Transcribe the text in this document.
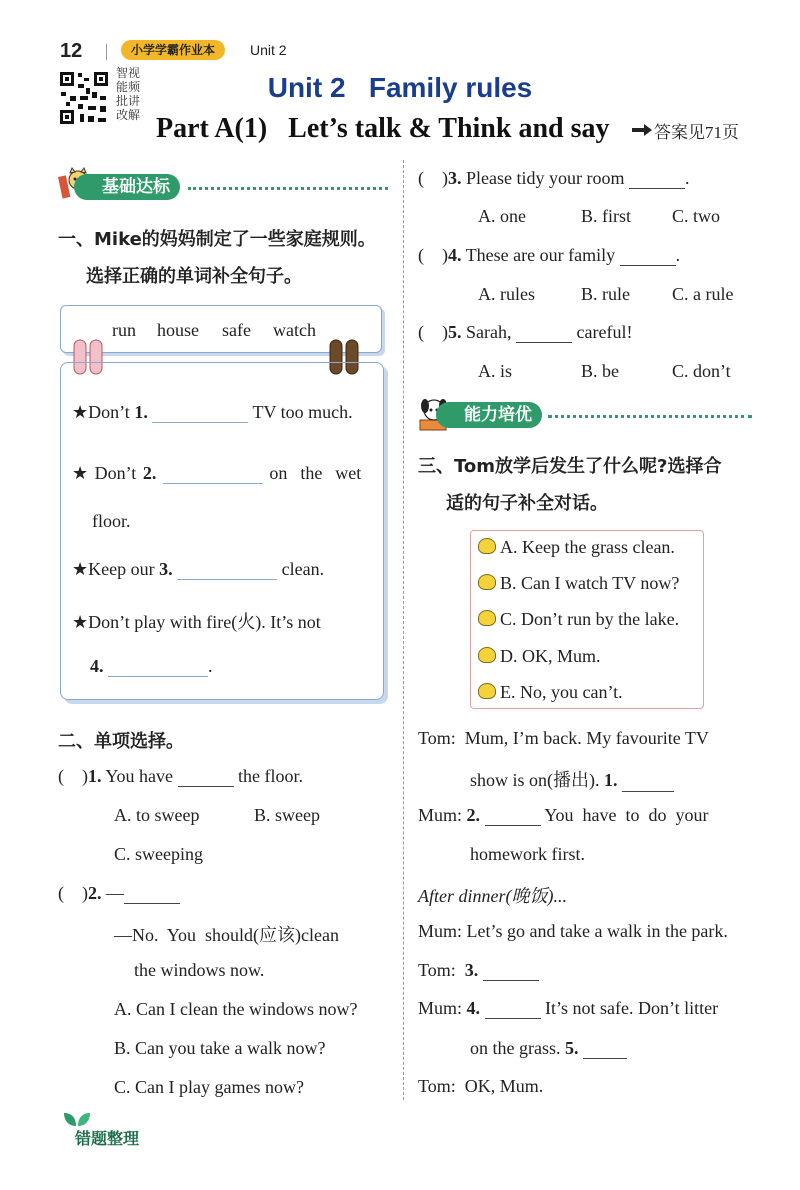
12	小学学霸作业本	Unit 2
智视
能频
批讲
改解
Unit 2   Family rules
Part A(1)   Let’s talk & Think and say	答案见71页
基础达标
一、Mike的妈妈制定了一些家庭规则。
选择正确的单词补全句子。
run house safe watch
★Don’t 1.	TV too much.
★ Don’t 2.	on  the  wet
floor.
★Keep our 3.	clean.
★Don’t play with fire(火). It’s not
4.	.
二、单项选择。
(    )1. You have	the floor.
A. to sweep	B. sweep
C. sweeping
(    )2. —
—No.  You  should(应该)clean
the windows now.
A. Can I clean the windows now?
B. Can you take a walk now?
C. Can I play games now?
(    )3. Please tidy your room	.
A. one	B. first C. two
(    )4. These are our family	.
A. rules	B. rule C. a rule
(    )5. Sarah,	careful!
A. is	B. be	C. don’t
能力培优
三、Tom放学后发生了什么呢?选择合
适的句子补全对话。
A. Keep the grass clean.
B. Can I watch TV now?
C. Don’t run by the lake.
D. OK, Mum.
E. No, you can’t.
Tom:  Mum, I’m back. My favourite TV
show is on(播出). 1.
Mum: 2.	You  have  to  do  your
homework first.
After dinner(晚饭)...
Mum: Let’s go and take a walk in the park.
Tom: 3.
Mum: 4.	It’s not safe. Don’t litter
on the grass. 5.
Tom:  OK, Mum.
错题整理
